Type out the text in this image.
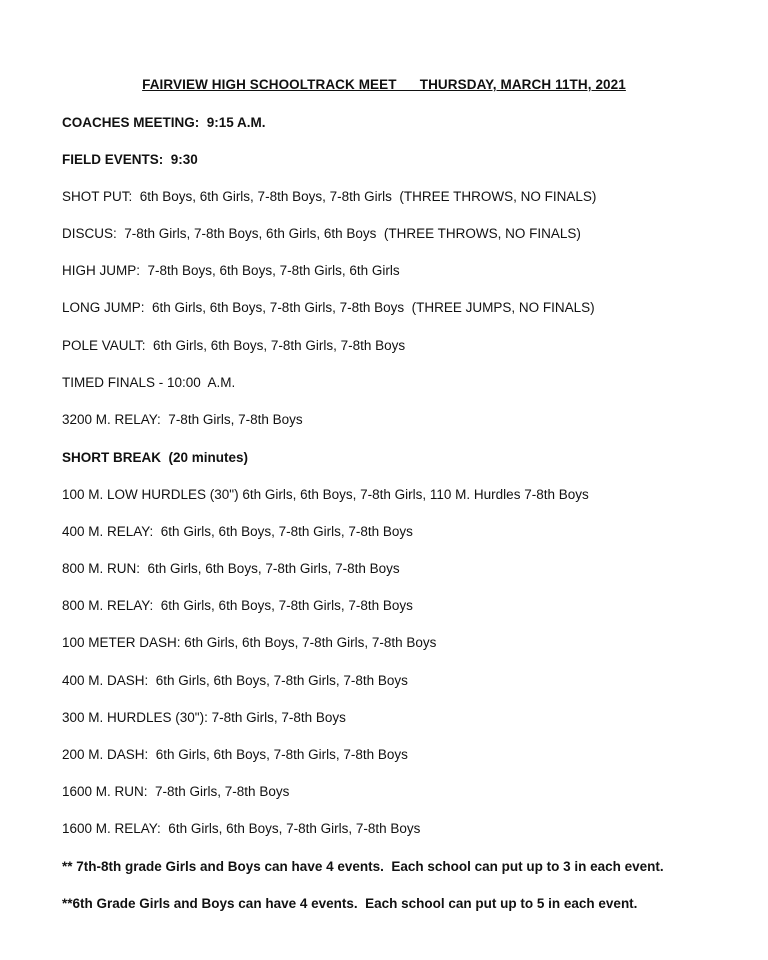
FAIRVIEW HIGH SCHOOLTRACK MEET      THURSDAY, MARCH 11TH, 2021
COACHES MEETING:  9:15 A.M.
FIELD EVENTS:  9:30
SHOT PUT:  6th Boys, 6th Girls, 7-8th Boys, 7-8th Girls  (THREE THROWS, NO FINALS)
DISCUS:  7-8th Girls, 7-8th Boys, 6th Girls, 6th Boys  (THREE THROWS, NO FINALS)
HIGH JUMP:  7-8th Boys, 6th Boys, 7-8th Girls, 6th Girls
LONG JUMP:  6th Girls, 6th Boys, 7-8th Girls, 7-8th Boys  (THREE JUMPS, NO FINALS)
POLE VAULT:  6th Girls, 6th Boys, 7-8th Girls, 7-8th Boys
TIMED FINALS - 10:00  A.M.
3200 M. RELAY:  7-8th Girls, 7-8th Boys
SHORT BREAK  (20 minutes)
100 M. LOW HURDLES (30") 6th Girls, 6th Boys, 7-8th Girls, 110 M. Hurdles 7-8th Boys
400 M. RELAY:  6th Girls, 6th Boys, 7-8th Girls, 7-8th Boys
800 M. RUN:  6th Girls, 6th Boys, 7-8th Girls, 7-8th Boys
800 M. RELAY:  6th Girls, 6th Boys, 7-8th Girls, 7-8th Boys
100 METER DASH: 6th Girls, 6th Boys, 7-8th Girls, 7-8th Boys
400 M. DASH:  6th Girls, 6th Boys, 7-8th Girls, 7-8th Boys
300 M. HURDLES (30"): 7-8th Girls, 7-8th Boys
200 M. DASH:  6th Girls, 6th Boys, 7-8th Girls, 7-8th Boys
1600 M. RUN:  7-8th Girls, 7-8th Boys
1600 M. RELAY:  6th Girls, 6th Boys, 7-8th Girls, 7-8th Boys
** 7th-8th grade Girls and Boys can have 4 events.  Each school can put up to 3 in each event.
**6th Grade Girls and Boys can have 4 events.  Each school can put up to 5 in each event.
